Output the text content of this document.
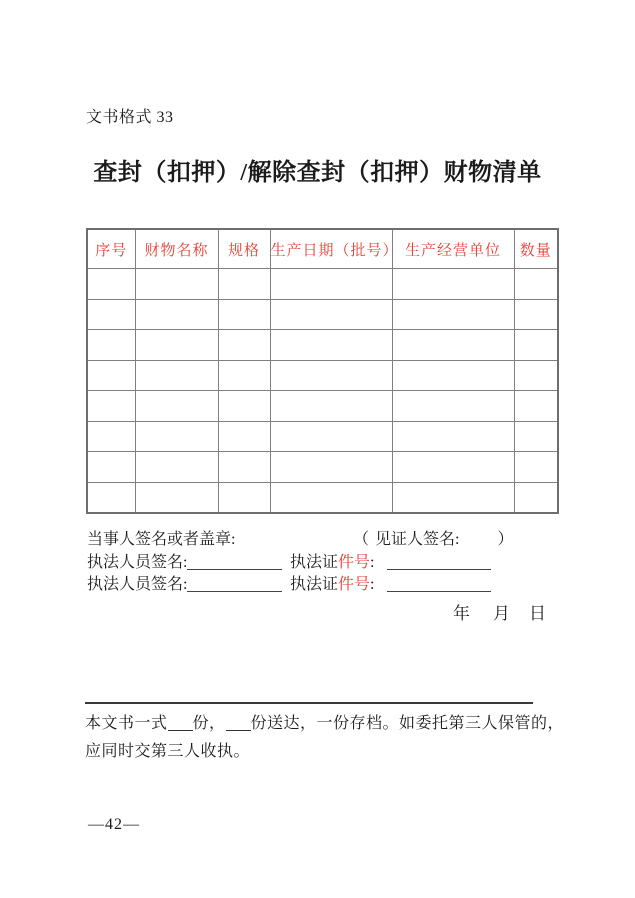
文书格式 33
查封（扣押）/解除查封（扣押）财物清单
序号	财物名称	规格	生产日期（批号）	生产经营单位	数量

当事人签名或者盖章:	（ 见证人签名: ）
执法人员签名:	执法证件号:
执法人员签名:	执法证件号:
年 月 日
本文书一式 份， 份送达，一份存档。如委托第三人保管的，
应同时交第三人收执。
—42—
